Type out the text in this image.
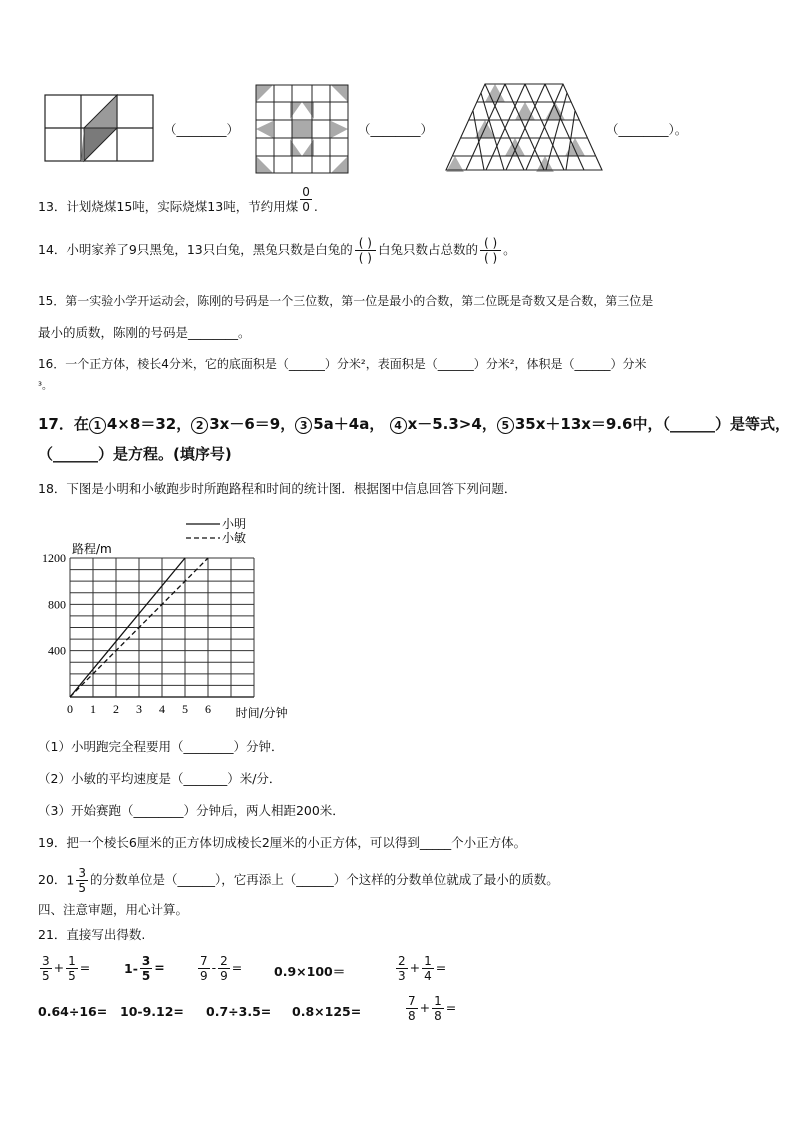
（________）	（________）	（________）。
13．计划烧煤15吨，实际烧煤13吨，节约用煤 $\frac{0}{0}$ .
14．小明家养了9只黑兔，13只白兔，黑兔只数是白兔的 $\frac{( )}{( )}$ 白兔只数占总数的 $\frac{( )}{( )}$ 。
15．第一实验小学开运动会，陈刚的号码是一个三位数，第一位是最小的合数，第二位既是奇数又是合数，第三位是
最小的质数，陈刚的号码是________。
16．一个正方体，棱长4分米，它的底面积是（______）分米²，表面积是（______）分米²，体积是（______）分米
³。
17．在 1 4×8＝32， 2 3x－6＝9， 3 5a＋4a， 4 x－5.3>4， 5 35x＋13x＝9.6中，（______）是等式，
（______）是方程。(填序号)
18．下图是小明和小敏跑步时所跑路程和时间的统计图．根据图中信息回答下列问题．
0 1 2 3 4 5 6
400
800
1200
路程/m
时间/分钟
小明
小敏
（1）小明跑完全程要用（________）分钟．
（2）小敏的平均速度是（_______）米/分．
（3）开始赛跑（________）分钟后，两人相距200米．
19．把一个棱长6厘米的正方体切成棱长2厘米的小正方体，可以得到_____个小正方体。
20．$1 \frac{3}{5}$ 的分数单位是（______），它再添上（______）个这样的分数单位就成了最小的质数。
四、注意审题，用心计算。
21．直接写出得数.
$\frac{3}{5} + \frac{1}{5}$ =	$1- \frac{3}{5}$ =	$\frac{7}{9} - \frac{2}{9}$ =	0.9×100＝	$\frac{2}{3} + \frac{1}{4}$ =
0.64÷16= 10-9.12= 0.7÷3.5= 0.8×125=	$\frac{7}{8} + \frac{1}{8}$ =
